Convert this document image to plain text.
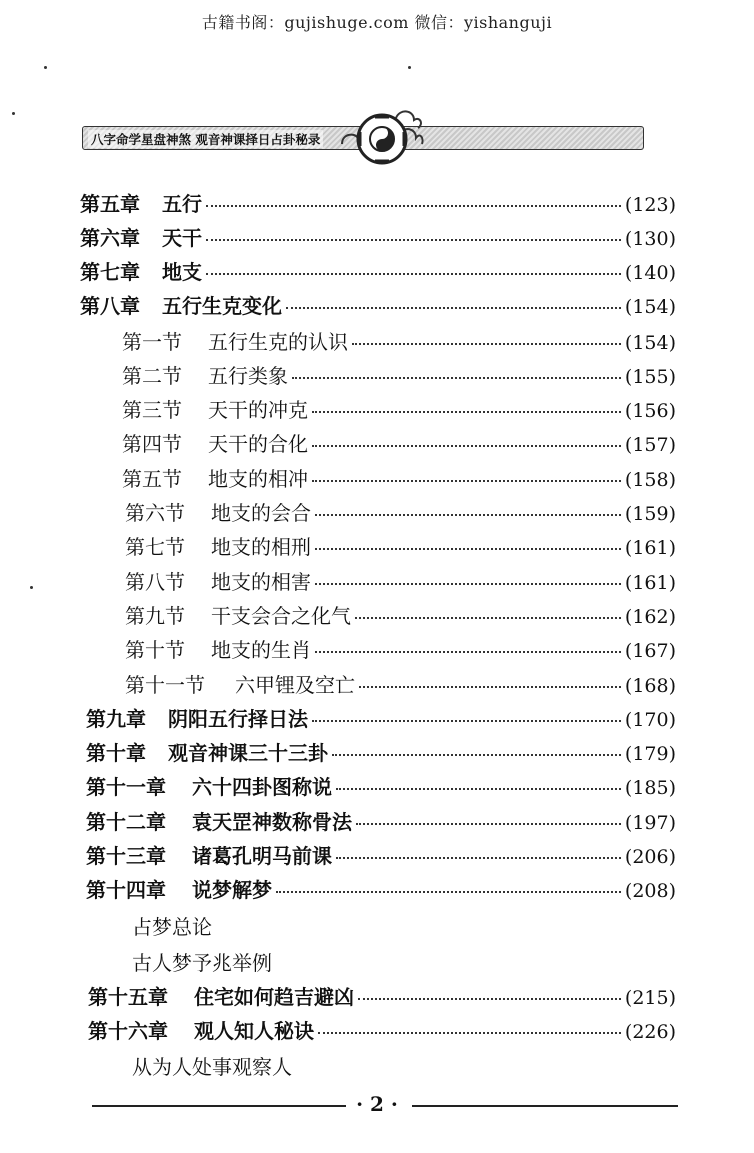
古籍书阁：gujishuge.com 微信：yishanguji
八字命学星盘神煞 观音神课择日占卦秘录
第五章	五行	(123)
第六章	天干	(130)
第七章	地支	(140)
第八章	五行生克变化	(154)
第一节	五行生克的认识	(154)
第二节	五行类象	(155)
第三节	天干的冲克	(156)
第四节	天干的合化	(157)
第五节	地支的相冲	(158)
第六节	地支的会合	(159)
第七节	地支的相刑	(161)
第八节	地支的相害	(161)
第九节	干支会合之化气	(162)
第十节	地支的生肖	(167)
第十一节	六甲锂及空亡	(168)
第九章	阴阳五行择日法	(170)
第十章	观音神课三十三卦	(179)
第十一章	六十四卦图称说	(185)
第十二章	袁天罡神数称骨法	(197)
第十三章	诸葛孔明马前课	(206)
第十四章	说梦解梦	(208)
占梦总论
古人梦予兆举例
第十五章	住宅如何趋吉避凶	(215)
第十六章	观人知人秘诀	(226)
从为人处事观察人
· 2 ·
